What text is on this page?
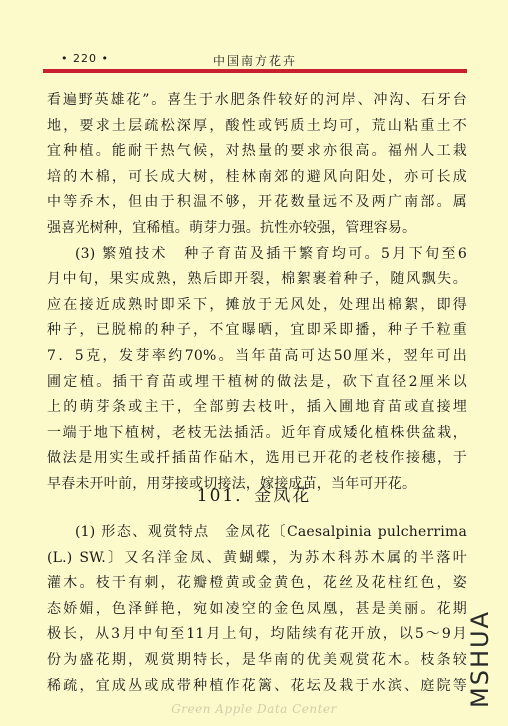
• 220 •	中国南方花卉
看遍野英雄花”。喜生于水肥条件较好的河岸、冲沟、石牙台
地，要求土层疏松深厚，酸性或钙质土均可，荒山粘重土不
宜种植。能耐干热气候，对热量的要求亦很高。福州人工栽
培的木棉，可长成大树，桂林南郊的避风向阳处，亦可长成
中等乔木，但由于积温不够，开花数量远不及两广南部。属
强喜光树种，宜稀植。萌芽力强。抗性亦较强，管理容易。
(3) 繁殖技术　种子育苗及插干繁育均可。5月下旬至6
月中旬，果实成熟，熟后即开裂，棉絮裹着种子，随风飘失。
应在接近成熟时即采下，摊放于无风处，处理出棉絮，即得
种子，已脱棉的种子，不宜曝晒，宜即采即播，种子千粒重
7．5克，发芽率约70%。当年苗高可达50厘米，翌年可出
圃定植。插干育苗或埋干植树的做法是，砍下直径2厘米以
上的萌芽条或主干，全部剪去枝叶，插入圃地育苗或直接埋
一端于地下植树，老枝无法插活。近年育成矮化植株供盆栽，
做法是用实生或扦插苗作砧木，选用已开花的老枝作接穗，于
早春未开叶前，用芽接或切接法，嫁接成苗，当年可开花。
101．金凤花
(1) 形态、观赏特点　金凤花〔Caesalpinia pulcherrima
(L.) SW.〕又名洋金凤、黄蝴蝶，为苏木科苏木属的半落叶
灌木。枝干有刺，花瓣橙黄或金黄色，花丝及花柱红色，姿
态娇媚，色泽鲜艳，宛如凌空的金色凤凰，甚是美丽。花期
极长，从3月中旬至11月上旬，均陆续有花开放，以5～9月
份为盛花期，观赏期特长，是华南的优美观赏花木。枝条较
稀疏，宜成丛或成带种植作花篱、花坛及栽于水滨、庭院等 MSHUA
Green Apple Data Center
